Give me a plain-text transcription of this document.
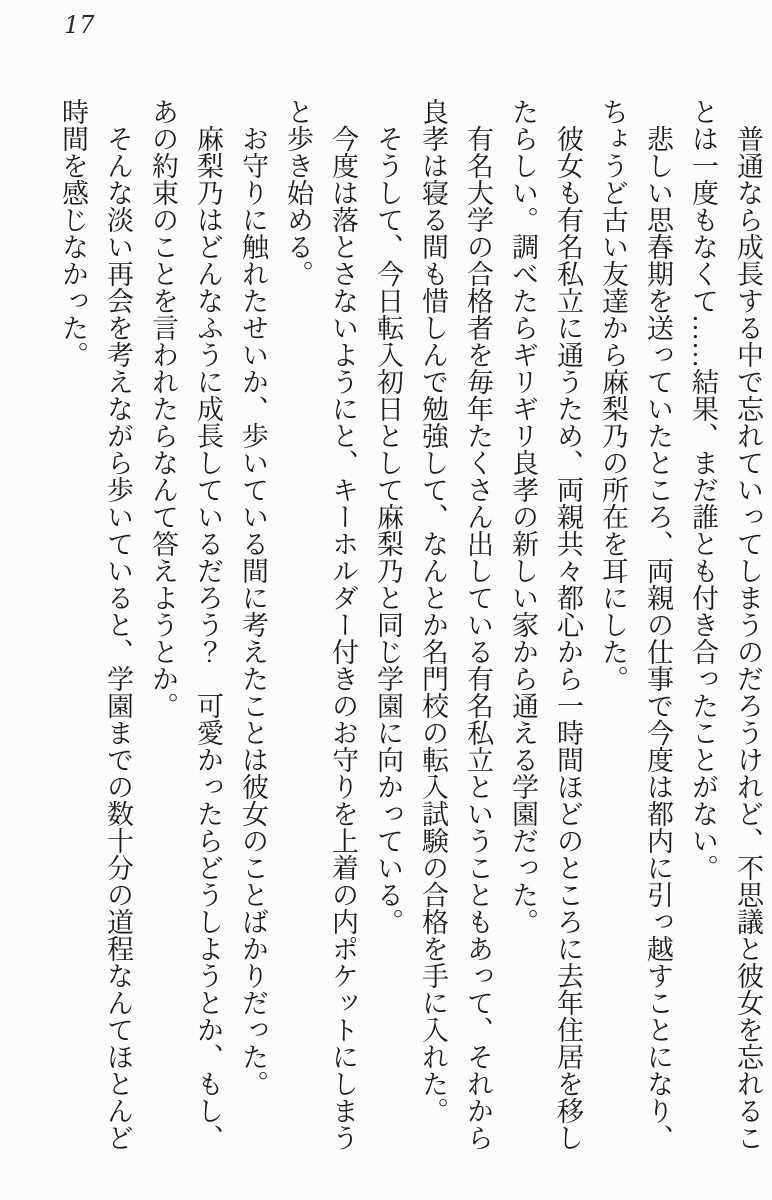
17

普通なら成長する中で忘れていってしまうのだろうけれど、不思議と彼女を忘れることは一度もなくて……結果、まだ誰とも付き合ったことがない。

悲しい思春期を送っていたところ、両親の仕事で今度は都内に引っ越すことになり、ちょうど古い友達から麻梨乃の所在を耳にした。

彼女も有名私立に通うため、両親共々都心から一時間ほどのところに去年住居を移したらしい。調べたらギリギリ良孝の新しい家から通える学園だった。

有名大学の合格者を毎年たくさん出している有名私立ということもあって、それから良孝は寝る間も惜しんで勉強して、なんとか名門校の転入試験の合格を手に入れた。

そうして、今日転入初日として麻梨乃と同じ学園に向かっている。

今度は落とさないようにと、キーホルダー付きのお守りを上着の内ポケットにしまうと歩き始める。

お守りに触れたせいか、歩いている間に考えたことは彼女のことばかりだった。

麻梨乃はどんなふうに成長しているだろう？　可愛かったらどうしようとか、もし、あの約束のことを言われたらなんて答えようとか。

そんな淡い再会を考えながら歩いていると、学園までの数十分の道程なんてほとんど時間を感じなかった。
